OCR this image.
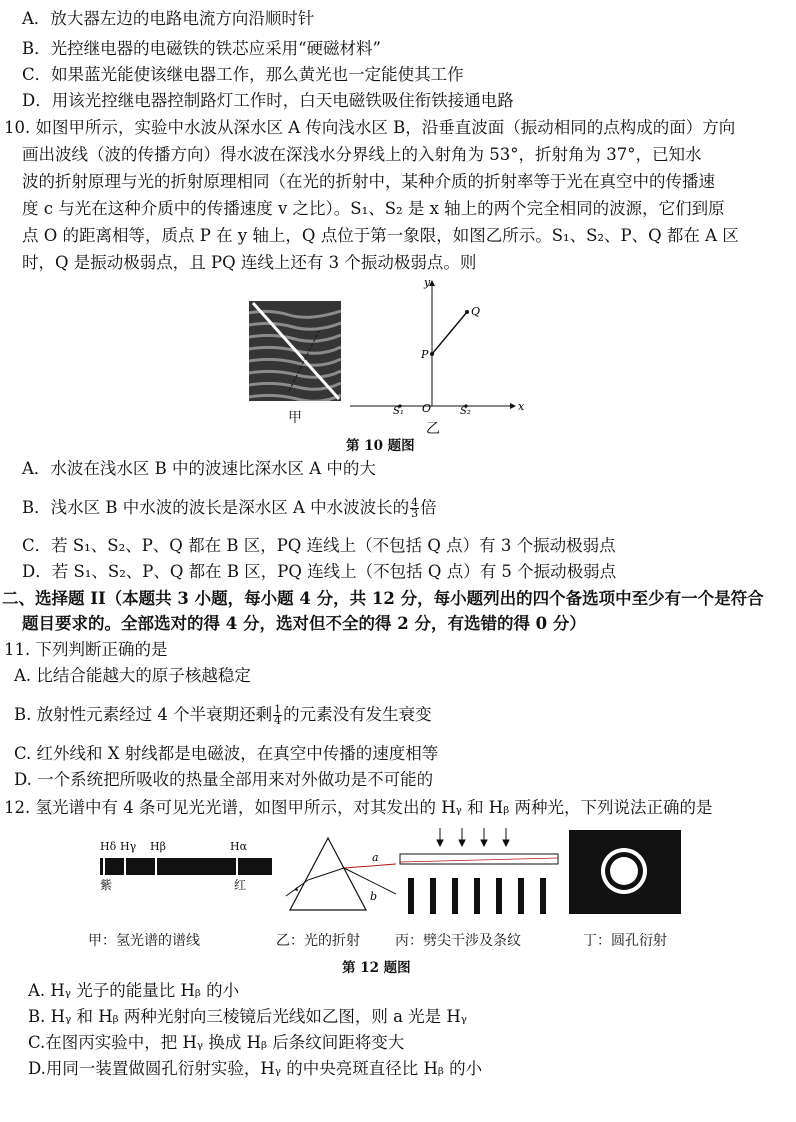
A．放大器左边的电路电流方向沿顺时针
B．光控继电器的电磁铁的铁芯应采用“硬磁材料”
C．如果蓝光能使该继电器工作，那么黄光也一定能使其工作
D．用该光控继电器控制路灯工作时，白天电磁铁吸住衔铁接通电路
10. 如图甲所示，实验中水波从深水区 A 传向浅水区 B，沿垂直波面（振动相同的点构成的面）方向
画出波线（波的传播方向）得水波在深浅水分界线上的入射角为 53°，折射角为 37°，已知水
波的折射原理与光的折射原理相同（在光的折射中，某种介质的折射率等于光在真空中的传播速
度 c 与光在这种介质中的传播速度 v 之比）。S₁、S₂ 是 x 轴上的两个完全相同的波源，它们到原
点 O 的距离相等，质点 P 在 y 轴上，Q 点位于第一象限，如图乙所示。S₁、S₂、P、Q 都在 A 区
时，Q 是振动极弱点，且 PQ 连线上还有 3 个振动极弱点。则
甲
y
x
O
P
Q
S₁	S₂
乙
第 10 题图
A．水波在浅水区 B 中的波速比深水区 A 中的大
B．浅水区 B 中水波的波长是深水区 A 中水波波长的 $\frac{4}{3}$ 倍
C．若 S₁、S₂、P、Q 都在 B 区，PQ 连线上（不包括 Q 点）有 3 个振动极弱点
D．若 S₁、S₂、P、Q 都在 B 区，PQ 连线上（不包括 Q 点）有 5 个振动极弱点
二、选择题 II（本题共 3 小题，每小题 4 分，共 12 分，每小题列出的四个备选项中至少有一个是符合
题目要求的。全部选对的得 4 分，选对但不全的得 2 分，有选错的得 0 分）
11. 下列判断正确的是
A. 比结合能越大的原子核越稳定
B. 放射性元素经过 4 个半衰期还剩 $\frac{1}{4}$ 的元素没有发生衰变
C. 红外线和 X 射线都是电磁波，在真空中传播的速度相等
D. 一个系统把所吸收的热量全部用来对外做功是不可能的
12. 氢光谱中有 4 条可见光光谱，如图甲所示，对其发出的 Hᵧ 和 Hᵦ 两种光，下列说法正确的是
Hδ Hγ Hβ	Hα
紫	红
a
b
甲：氢光谱的谱线	乙：光的折射	丙：劈尖干涉及条纹	丁：圆孔衍射
第 12 题图
A. Hᵧ 光子的能量比 Hᵦ 的小
B. Hᵧ 和 Hᵦ 两种光射向三棱镜后光线如乙图，则 a 光是 Hᵧ
C.在图丙实验中，把 Hᵧ 换成 Hᵦ 后条纹间距将变大
D.用同一装置做圆孔衍射实验，Hᵧ 的中央亮斑直径比 Hᵦ 的小
